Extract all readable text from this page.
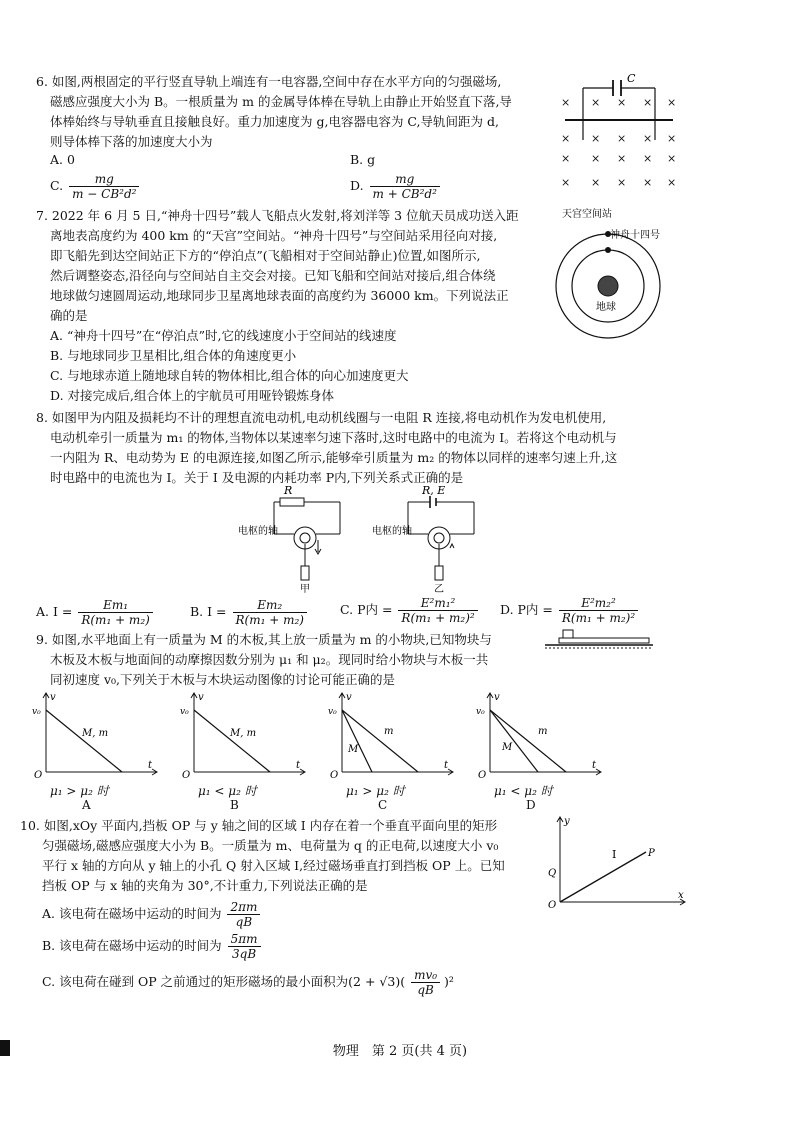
6. 如图,两根固定的平行竖直导轨上端连有一电容器,空间中存在水平方向的匀强磁场,
磁感应强度大小为 B。一根质量为 m 的金属导体棒在导轨上由静止开始竖直下落,导
体棒始终与导轨垂直且接触良好。重力加速度为 g,电容器电容为 C,导轨间距为 d,
则导体棒下落的加速度大小为
A. 0	B. g
C. $\frac{mg}{\text{m − CB²d²}}$	D. $\frac{mg}{\text{m + CB²d²}}$
C
× × × × ×
× × × × ×
× × × × ×
× × × × ×
7. 2022 年 6 月 5 日,“神舟十四号”载人飞船点火发射,将刘洋等 3 位航天员成功送入距
离地表高度约为 400 km 的“天宫”空间站。“神舟十四号”与空间站采用径向对接,
即飞船先到达空间站正下方的“停泊点”(飞船相对于空间站静止)位置,如图所示,
然后调整姿态,沿径向与空间站自主交会对接。已知飞船和空间站对接后,组合体绕
地球做匀速圆周运动,地球同步卫星离地球表面的高度约为 36000 km。下列说法正
确的是
A. “神舟十四号”在“停泊点”时,它的线速度小于空间站的线速度
B. 与地球同步卫星相比,组合体的角速度更小
C. 与地球赤道上随地球自转的物体相比,组合体的向心加速度更大
D. 对接完成后,组合体上的宇航员可用哑铃锻炼身体
天宫空间站
神舟十四号
地球
8. 如图甲为内阻及损耗均不计的理想直流电动机,电动机线圈与一电阻 R 连接,将电动机作为发电机使用,
电动机牵引一质量为 m₁ 的物体,当物体以某速率匀速下落时,这时电路中的电流为 I。若将这个电动机与
一内阻为 R、电动势为 E 的电源连接,如图乙所示,能够牵引质量为 m₂ 的物体以同样的速率匀速上升,这
时电路中的电流也为 I。关于 I 及电源的内耗功率 P内,下列关系式正确的是
R
电枢的轴
甲
R, E
电枢的轴
乙
A. $I = \frac{\text{Em₁}}{\text{R(m₁ + m₂)}}$	B. $I = \frac{\text{Em₂}}{\text{R(m₁ + m₂)}}$	C. P内 = $\frac{\text{E²m₁²}}{\text{R(m₁ + m₂)²}} D$. P内 = $\frac{\text{E²m₂²}}{\text{R(m₁ + m₂)²}}$
9. 如图,水平地面上有一质量为 M 的木板,其上放一质量为 m 的小物块,已知物块与
木板及木板与地面间的动摩擦因数分别为 μ₁ 和 μ₂。现同时给小物块与木板一共
同初速度 v₀,下列关于木板与木块运动图像的讨论可能正确的是
v
v₀
O
t
M, m
μ₁ > μ₂ 时
A
v
v₀
O
t
M, m
μ₁ < μ₂ 时
B
v
v₀
O
t
m
M
μ₁ > μ₂ 时
C
v
v₀
O
t
m
M
μ₁ < μ₂ 时
D
10. 如图,xOy 平面内,挡板 OP 与 y 轴之间的区域 I 内存在着一个垂直平面向里的矩形
匀强磁场,磁感应强度大小为 B。一质量为 m、电荷量为 q 的正电荷,以速度大小 v₀
平行 x 轴的方向从 y 轴上的小孔 Q 射入区域 I,经过磁场垂直打到挡板 OP 上。已知
挡板 OP 与 x 轴的夹角为 30°,不计重力,下列说法正确的是
A. 该电荷在磁场中运动的时间为 $\frac{2\pi m}{qB}$
B. 该电荷在磁场中运动的时间为 $\frac{5\pi m}{3qB}$
C. 该电荷在碰到 OP 之前通过的矩形磁场的最小面积为$(2 + √3)( \frac{\text{mv₀}}{qB} )^2$
y
x
O
Q
I	P
物理　第 2 页(共 4 页)
